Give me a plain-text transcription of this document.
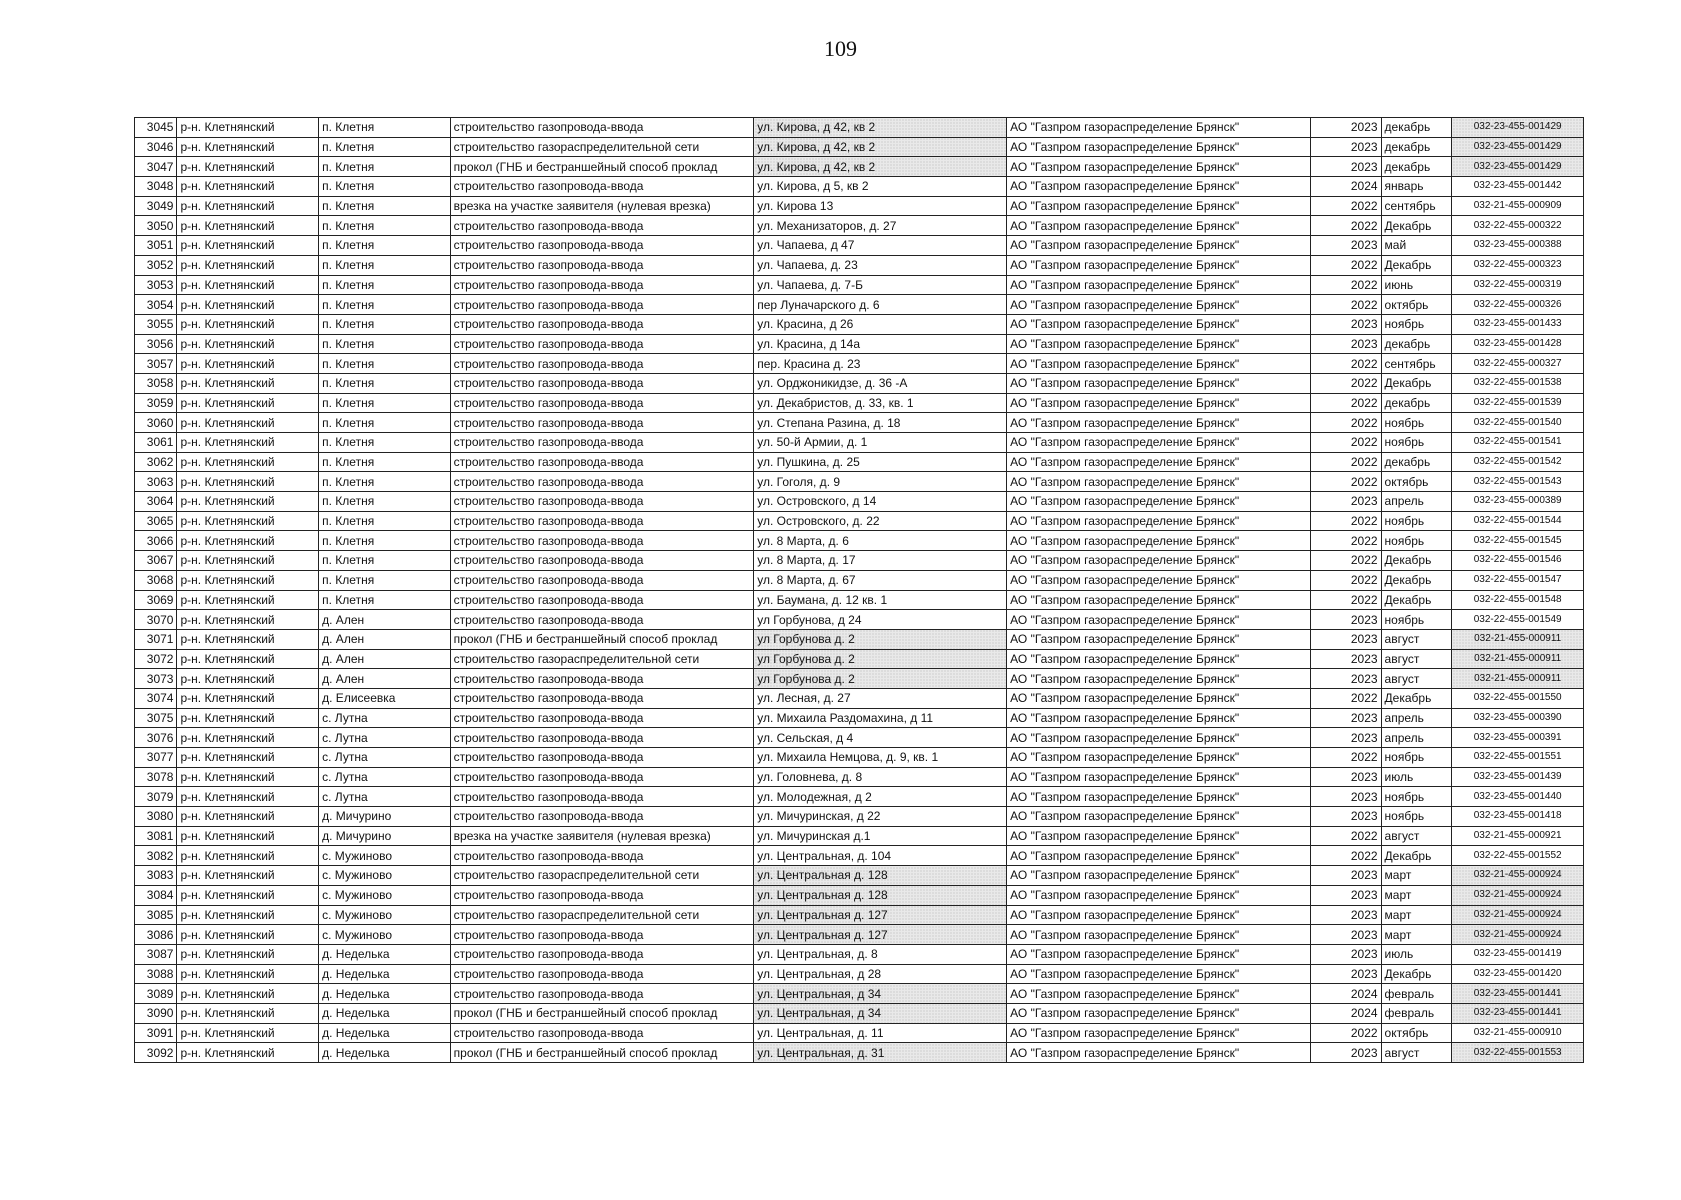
109
3045	р-н. Клетнянский	п. Клетня	строительство газопровода-ввода	ул. Кирова, д 42, кв 2	АО "Газпром газораспределение Брянск"	2023	декабрь	032-23-455-001429
3046	р-н. Клетнянский	п. Клетня	строительство газораспределительной сети	ул. Кирова, д 42, кв 2	АО "Газпром газораспределение Брянск"	2023	декабрь	032-23-455-001429
3047	р-н. Клетнянский	п. Клетня	прокол (ГНБ и бестраншейный способ проклад	ул. Кирова, д 42, кв 2	АО "Газпром газораспределение Брянск"	2023	декабрь	032-23-455-001429
3048	р-н. Клетнянский	п. Клетня	строительство газопровода-ввода	ул. Кирова, д 5, кв 2	АО "Газпром газораспределение Брянск"	2024	январь	032-23-455-001442
3049	р-н. Клетнянский	п. Клетня	врезка на участке заявителя (нулевая врезка)	ул. Кирова 13	АО "Газпром газораспределение Брянск"	2022	сентябрь	032-21-455-000909
3050	р-н. Клетнянский	п. Клетня	строительство газопровода-ввода	ул. Механизаторов, д. 27	АО "Газпром газораспределение Брянск"	2022	Декабрь	032-22-455-000322
3051	р-н. Клетнянский	п. Клетня	строительство газопровода-ввода	ул. Чапаева, д 47	АО "Газпром газораспределение Брянск"	2023	май	032-23-455-000388
3052	р-н. Клетнянский	п. Клетня	строительство газопровода-ввода	ул. Чапаева, д. 23	АО "Газпром газораспределение Брянск"	2022	Декабрь	032-22-455-000323
3053	р-н. Клетнянский	п. Клетня	строительство газопровода-ввода	ул. Чапаева, д. 7-Б	АО "Газпром газораспределение Брянск"	2022	июнь	032-22-455-000319
3054	р-н. Клетнянский	п. Клетня	строительство газопровода-ввода	пер Луначарского д. 6	АО "Газпром газораспределение Брянск"	2022	октябрь	032-22-455-000326
3055	р-н. Клетнянский	п. Клетня	строительство газопровода-ввода	ул. Красина, д 26	АО "Газпром газораспределение Брянск"	2023	ноябрь	032-23-455-001433
3056	р-н. Клетнянский	п. Клетня	строительство газопровода-ввода	ул. Красина, д 14а	АО "Газпром газораспределение Брянск"	2023	декабрь	032-23-455-001428
3057	р-н. Клетнянский	п. Клетня	строительство газопровода-ввода	пер. Красина д. 23	АО "Газпром газораспределение Брянск"	2022	сентябрь	032-22-455-000327
3058	р-н. Клетнянский	п. Клетня	строительство газопровода-ввода	ул. Орджоникидзе, д. 36 -А	АО "Газпром газораспределение Брянск"	2022	Декабрь	032-22-455-001538
3059	р-н. Клетнянский	п. Клетня	строительство газопровода-ввода	ул. Декабристов, д. 33, кв. 1	АО "Газпром газораспределение Брянск"	2022	декабрь	032-22-455-001539
3060	р-н. Клетнянский	п. Клетня	строительство газопровода-ввода	ул. Степана Разина, д. 18	АО "Газпром газораспределение Брянск"	2022	ноябрь	032-22-455-001540
3061	р-н. Клетнянский	п. Клетня	строительство газопровода-ввода	ул. 50-й Армии, д. 1	АО "Газпром газораспределение Брянск"	2022	ноябрь	032-22-455-001541
3062	р-н. Клетнянский	п. Клетня	строительство газопровода-ввода	ул. Пушкина, д. 25	АО "Газпром газораспределение Брянск"	2022	декабрь	032-22-455-001542
3063	р-н. Клетнянский	п. Клетня	строительство газопровода-ввода	ул. Гоголя, д. 9	АО "Газпром газораспределение Брянск"	2022	октябрь	032-22-455-001543
3064	р-н. Клетнянский	п. Клетня	строительство газопровода-ввода	ул. Островского, д 14	АО "Газпром газораспределение Брянск"	2023	апрель	032-23-455-000389
3065	р-н. Клетнянский	п. Клетня	строительство газопровода-ввода	ул. Островского, д. 22	АО "Газпром газораспределение Брянск"	2022	ноябрь	032-22-455-001544
3066	р-н. Клетнянский	п. Клетня	строительство газопровода-ввода	ул. 8 Марта, д. 6	АО "Газпром газораспределение Брянск"	2022	ноябрь	032-22-455-001545
3067	р-н. Клетнянский	п. Клетня	строительство газопровода-ввода	ул. 8 Марта, д. 17	АО "Газпром газораспределение Брянск"	2022	Декабрь	032-22-455-001546
3068	р-н. Клетнянский	п. Клетня	строительство газопровода-ввода	ул. 8 Марта, д. 67	АО "Газпром газораспределение Брянск"	2022	Декабрь	032-22-455-001547
3069	р-н. Клетнянский	п. Клетня	строительство газопровода-ввода	ул. Баумана, д. 12 кв. 1	АО "Газпром газораспределение Брянск"	2022	Декабрь	032-22-455-001548
3070	р-н. Клетнянский	д. Ален	строительство газопровода-ввода	ул Горбунова, д 24	АО "Газпром газораспределение Брянск"	2023	ноябрь	032-22-455-001549
3071	р-н. Клетнянский	д. Ален	прокол (ГНБ и бестраншейный способ проклад	ул Горбунова д. 2	АО "Газпром газораспределение Брянск"	2023	август	032-21-455-000911
3072	р-н. Клетнянский	д. Ален	строительство газораспределительной сети	ул Горбунова д. 2	АО "Газпром газораспределение Брянск"	2023	август	032-21-455-000911
3073	р-н. Клетнянский	д. Ален	строительство газопровода-ввода	ул Горбунова д. 2	АО "Газпром газораспределение Брянск"	2023	август	032-21-455-000911
3074	р-н. Клетнянский	д. Елисеевка	строительство газопровода-ввода	ул. Лесная, д. 27	АО "Газпром газораспределение Брянск"	2022	Декабрь	032-22-455-001550
3075	р-н. Клетнянский	с. Лутна	строительство газопровода-ввода	ул. Михаила Раздомахина, д 11	АО "Газпром газораспределение Брянск"	2023	апрель	032-23-455-000390
3076	р-н. Клетнянский	с. Лутна	строительство газопровода-ввода	ул. Сельская, д 4	АО "Газпром газораспределение Брянск"	2023	апрель	032-23-455-000391
3077	р-н. Клетнянский	с. Лутна	строительство газопровода-ввода	ул. Михаила Немцова, д. 9, кв. 1	АО "Газпром газораспределение Брянск"	2022	ноябрь	032-22-455-001551
3078	р-н. Клетнянский	с. Лутна	строительство газопровода-ввода	ул. Головнева, д. 8	АО "Газпром газораспределение Брянск"	2023	июль	032-23-455-001439
3079	р-н. Клетнянский	с. Лутна	строительство газопровода-ввода	ул. Молодежная, д 2	АО "Газпром газораспределение Брянск"	2023	ноябрь	032-23-455-001440
3080	р-н. Клетнянский	д. Мичурино	строительство газопровода-ввода	ул. Мичуринская, д 22	АО "Газпром газораспределение Брянск"	2023	ноябрь	032-23-455-001418
3081	р-н. Клетнянский	д. Мичурино	врезка на участке заявителя (нулевая врезка)	ул. Мичуринская д.1	АО "Газпром газораспределение Брянск"	2022	август	032-21-455-000921
3082	р-н. Клетнянский	с. Мужиново	строительство газопровода-ввода	ул. Центральная, д. 104	АО "Газпром газораспределение Брянск"	2022	Декабрь	032-22-455-001552
3083	р-н. Клетнянский	с. Мужиново	строительство газораспределительной сети	ул. Центральная д. 128	АО "Газпром газораспределение Брянск"	2023	март	032-21-455-000924
3084	р-н. Клетнянский	с. Мужиново	строительство газопровода-ввода	ул. Центральная д. 128	АО "Газпром газораспределение Брянск"	2023	март	032-21-455-000924
3085	р-н. Клетнянский	с. Мужиново	строительство газораспределительной сети	ул. Центральная д. 127	АО "Газпром газораспределение Брянск"	2023	март	032-21-455-000924
3086	р-н. Клетнянский	с. Мужиново	строительство газопровода-ввода	ул. Центральная д. 127	АО "Газпром газораспределение Брянск"	2023	март	032-21-455-000924
3087	р-н. Клетнянский	д. Неделька	строительство газопровода-ввода	ул. Центральная, д. 8	АО "Газпром газораспределение Брянск"	2023	июль	032-23-455-001419
3088	р-н. Клетнянский	д. Неделька	строительство газопровода-ввода	ул. Центральная, д 28	АО "Газпром газораспределение Брянск"	2023	Декабрь	032-23-455-001420
3089	р-н. Клетнянский	д. Неделька	строительство газопровода-ввода	ул. Центральная, д 34	АО "Газпром газораспределение Брянск"	2024	февраль	032-23-455-001441
3090	р-н. Клетнянский	д. Неделька	прокол (ГНБ и бестраншейный способ проклад	ул. Центральная, д 34	АО "Газпром газораспределение Брянск"	2024	февраль	032-23-455-001441
3091	р-н. Клетнянский	д. Неделька	строительство газопровода-ввода	ул. Центральная, д. 11	АО "Газпром газораспределение Брянск"	2022	октябрь	032-21-455-000910
3092	р-н. Клетнянский	д. Неделька	прокол (ГНБ и бестраншейный способ проклад	ул. Центральная, д. 31	АО "Газпром газораспределение Брянск"	2023	август	032-22-455-001553
